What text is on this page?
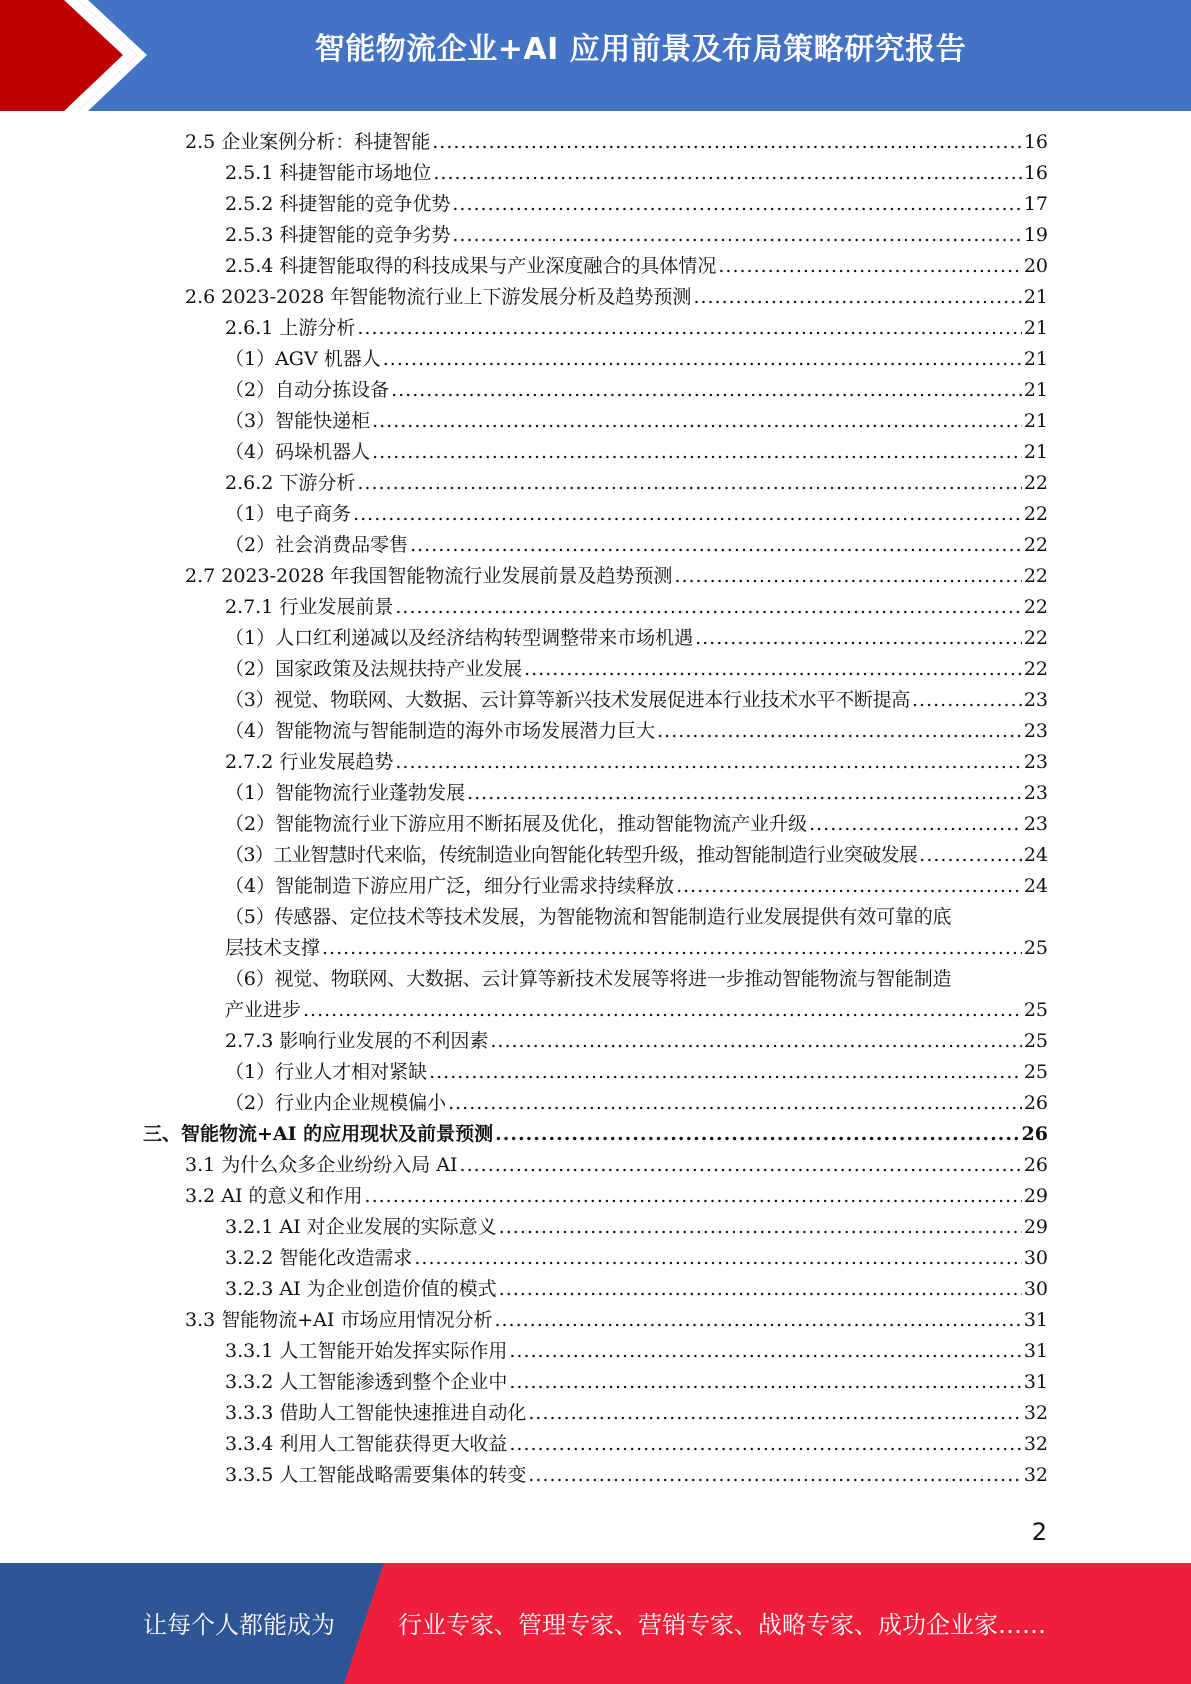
智能物流企业+AI 应用前景及布局策略研究报告
2.5 企业案例分析：科捷智能 .....	16
2.5.1 科捷智能市场地位 .....	16
2.5.2 科捷智能的竞争优势 .....	17
2.5.3 科捷智能的竞争劣势 .....	19
2.5.4 科捷智能取得的科技成果与产业深度融合的具体情况 .....	20
2.6 2023-2028 年智能物流行业上下游发展分析及趋势预测 .....	21
2.6.1 上游分析 .....	21
（1）AGV 机器人 .....	21
（2）自动分拣设备 .....	21
（3）智能快递柜 .....	21
（4）码垛机器人 .....	21
2.6.2 下游分析 .....	22
（1）电子商务 .....	22
（2）社会消费品零售 .....	22
2.7 2023-2028 年我国智能物流行业发展前景及趋势预测 .....	22
2.7.1 行业发展前景 .....	22
（1）人口红利递减以及经济结构转型调整带来市场机遇 .....	22
（2）国家政策及法规扶持产业发展 .....	22
（3）视觉、物联网、大数据、云计算等新兴技术发展促进本行业技术水平不断提高 .....	23
（4）智能物流与智能制造的海外市场发展潜力巨大 .....	23
2.7.2 行业发展趋势 .....	23
（1）智能物流行业蓬勃发展 .....	23
（2）智能物流行业下游应用不断拓展及优化，推动智能物流产业升级 .....	23
（3）工业智慧时代来临，传统制造业向智能化转型升级，推动智能制造行业突破发展 .....	24
（4）智能制造下游应用广泛，细分行业需求持续释放 .....	24
（5）传感器、定位技术等技术发展，为智能物流和智能制造行业发展提供有效可靠的底
层技术支撑 .....	25
（6）视觉、物联网、大数据、云计算等新技术发展等将进一步推动智能物流与智能制造
产业进步 .....	25
2.7.3 影响行业发展的不利因素 .....	25
（1）行业人才相对紧缺 .....	25
（2）行业内企业规模偏小 .....	26
三、智能物流+AI 的应用现状及前景预测 .....	26
3.1 为什么众多企业纷纷入局 AI .....	26
3.2 AI 的意义和作用 .....	29
3.2.1 AI 对企业发展的实际意义 .....	29
3.2.2 智能化改造需求 .....	30
3.2.3 AI 为企业创造价值的模式 .....	30
3.3 智能物流+AI 市场应用情况分析 .....	31
3.3.1 人工智能开始发挥实际作用 .....	31
3.3.2 人工智能渗透到整个企业中 .....	31
3.3.3 借助人工智能快速推进自动化 .....	32
3.3.4 利用人工智能获得更大收益 .....	32
3.3.5 人工智能战略需要集体的转变 .....	32
2
让每个人都能成为	行业专家、管理专家、营销专家、战略专家、成功企业家……
